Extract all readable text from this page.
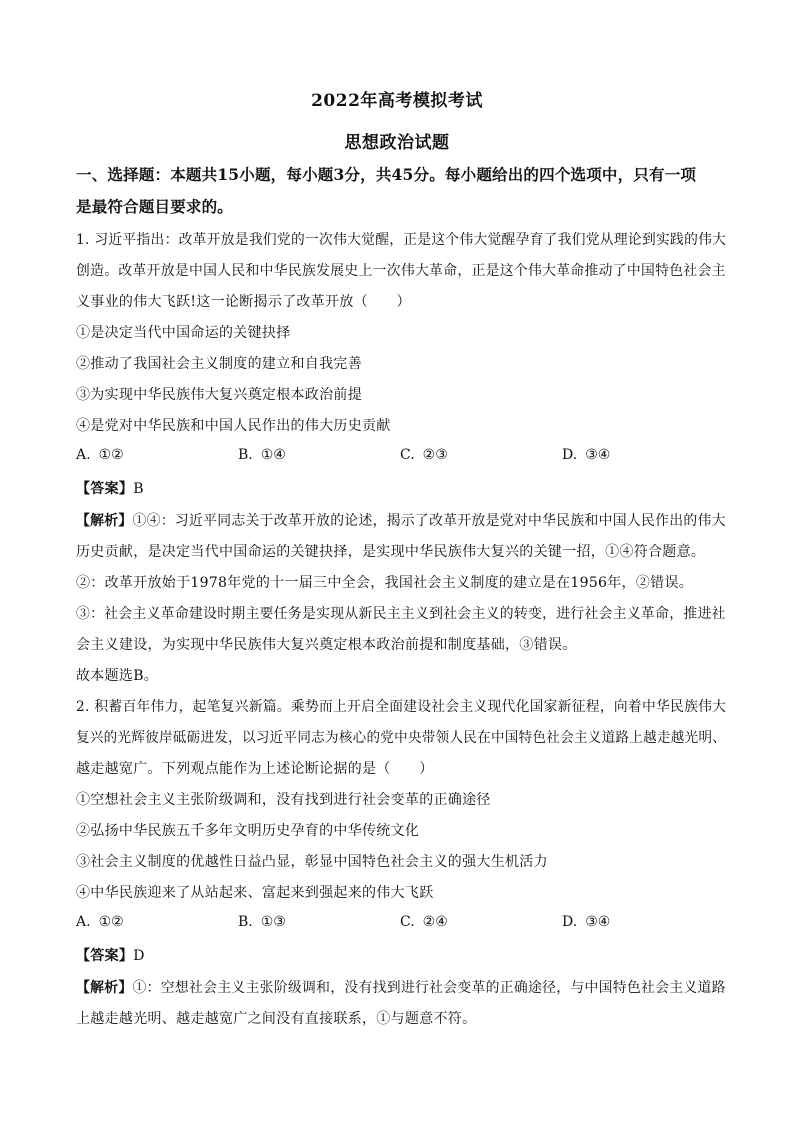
2022年高考模拟考试
思想政治试题
一、选择题：本题共15小题，每小题3分，共45分。每小题给出的四个选项中，只有一项
是最符合题目要求的。
1. 习近平指出：改革开放是我们党的一次伟大觉醒，正是这个伟大觉醒孕育了我们党从理论到实践的伟大
创造。改革开放是中国人民和中华民族发展史上一次伟大革命，正是这个伟大革命推动了中国特色社会主
义事业的伟大飞跃!这一论断揭示了改革开放（　　）
①是决定当代中国命运的关键抉择
②推动了我国社会主义制度的建立和自我完善
③为实现中华民族伟大复兴奠定根本政治前提
④是党对中华民族和中国人民作出的伟大历史贡献
A. ①②	B. ①④	C. ②③	D. ③④
【答案】B
【解析】①④：习近平同志关于改革开放的论述，揭示了改革开放是党对中华民族和中国人民作出的伟大
历史贡献，是决定当代中国命运的关键抉择，是实现中华民族伟大复兴的关键一招，①④符合题意。
②：改革开放始于1978年党的十一届三中全会，我国社会主义制度的建立是在1956年，②错误。
③：社会主义革命建设时期主要任务是实现从新民主主义到社会主义的转变，进行社会主义革命，推进社
会主义建设，为实现中华民族伟大复兴奠定根本政治前提和制度基础，③错误。
故本题选B。
2. 积蓄百年伟力，起笔复兴新篇。乘势而上开启全面建设社会主义现代化国家新征程，向着中华民族伟大
复兴的光辉彼岸砥砺进发，以习近平同志为核心的党中央带领人民在中国特色社会主义道路上越走越光明、
越走越宽广。下列观点能作为上述论断论据的是（　　）
①空想社会主义主张阶级调和，没有找到进行社会变革的正确途径
②弘扬中华民族五千多年文明历史孕育的中华传统文化
③社会主义制度的优越性日益凸显，彰显中国特色社会主义的强大生机活力
④中华民族迎来了从站起来、富起来到强起来的伟大飞跃
A. ①②	B. ①③	C. ②④	D. ③④
【答案】D
【解析】①：空想社会主义主张阶级调和，没有找到进行社会变革的正确途径，与中国特色社会主义道路
上越走越光明、越走越宽广之间没有直接联系，①与题意不符。
